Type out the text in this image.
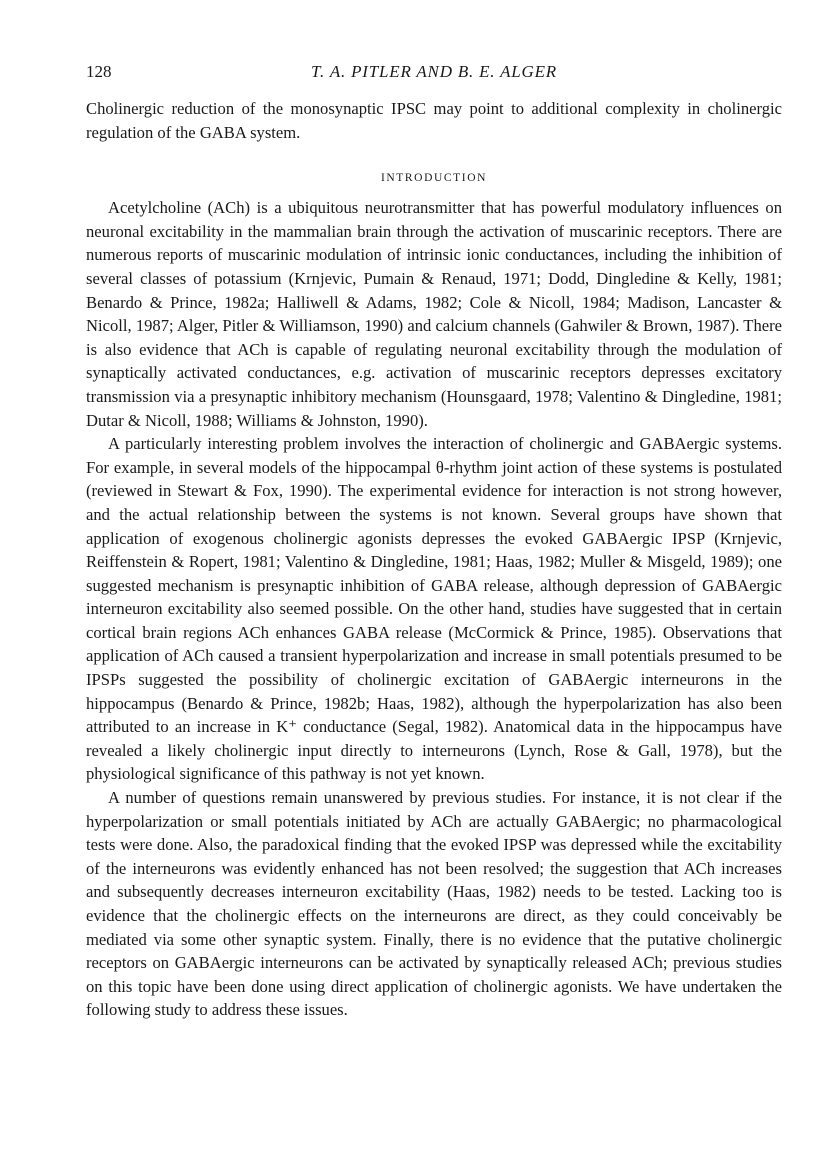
128	T. A. PITLER AND B. E. ALGER

Cholinergic reduction of the monosynaptic IPSC may point to additional complexity in cholinergic regulation of the GABA system.

INTRODUCTION

Acetylcholine (ACh) is a ubiquitous neurotransmitter that has powerful modulatory influences on neuronal excitability in the mammalian brain through the activation of muscarinic receptors. There are numerous reports of muscarinic modulation of intrinsic ionic conductances, including the inhibition of several classes of potassium (Krnjevic, Pumain & Renaud, 1971; Dodd, Dingledine & Kelly, 1981; Benardo & Prince, 1982a; Halliwell & Adams, 1982; Cole & Nicoll, 1984; Madison, Lancaster & Nicoll, 1987; Alger, Pitler & Williamson, 1990) and calcium channels (Gahwiler & Brown, 1987). There is also evidence that ACh is capable of regulating neuronal excitability through the modulation of synaptically activated conductances, e.g. activation of muscarinic receptors depresses excitatory transmission via a presynaptic inhibitory mechanism (Hounsgaard, 1978; Valentino & Dingledine, 1981; Dutar & Nicoll, 1988; Williams & Johnston, 1990).

A particularly interesting problem involves the interaction of cholinergic and GABAergic systems. For example, in several models of the hippocampal θ-rhythm joint action of these systems is postulated (reviewed in Stewart & Fox, 1990). The experimental evidence for interaction is not strong however, and the actual relationship between the systems is not known. Several groups have shown that application of exogenous cholinergic agonists depresses the evoked GABAergic IPSP (Krnjevic, Reiffenstein & Ropert, 1981; Valentino & Dingledine, 1981; Haas, 1982; Muller & Misgeld, 1989); one suggested mechanism is presynaptic inhibition of GABA release, although depression of GABAergic interneuron excitability also seemed possible. On the other hand, studies have suggested that in certain cortical brain regions ACh enhances GABA release (McCormick & Prince, 1985). Observations that application of ACh caused a transient hyperpolarization and increase in small potentials presumed to be IPSPs suggested the possibility of cholinergic excitation of GABAergic interneurons in the hippocampus (Benardo & Prince, 1982b; Haas, 1982), although the hyperpolarization has also been attributed to an increase in K⁺ conductance (Segal, 1982). Anatomical data in the hippocampus have revealed a likely cholinergic input directly to interneurons (Lynch, Rose & Gall, 1978), but the physiological significance of this pathway is not yet known.

A number of questions remain unanswered by previous studies. For instance, it is not clear if the hyperpolarization or small potentials initiated by ACh are actually GABAergic; no pharmacological tests were done. Also, the paradoxical finding that the evoked IPSP was depressed while the excitability of the interneurons was evidently enhanced has not been resolved; the suggestion that ACh increases and subsequently decreases interneuron excitability (Haas, 1982) needs to be tested. Lacking too is evidence that the cholinergic effects on the interneurons are direct, as they could conceivably be mediated via some other synaptic system. Finally, there is no evidence that the putative cholinergic receptors on GABAergic interneurons can be activated by synaptically released ACh; previous studies on this topic have been done using direct application of cholinergic agonists. We have undertaken the following study to address these issues.
